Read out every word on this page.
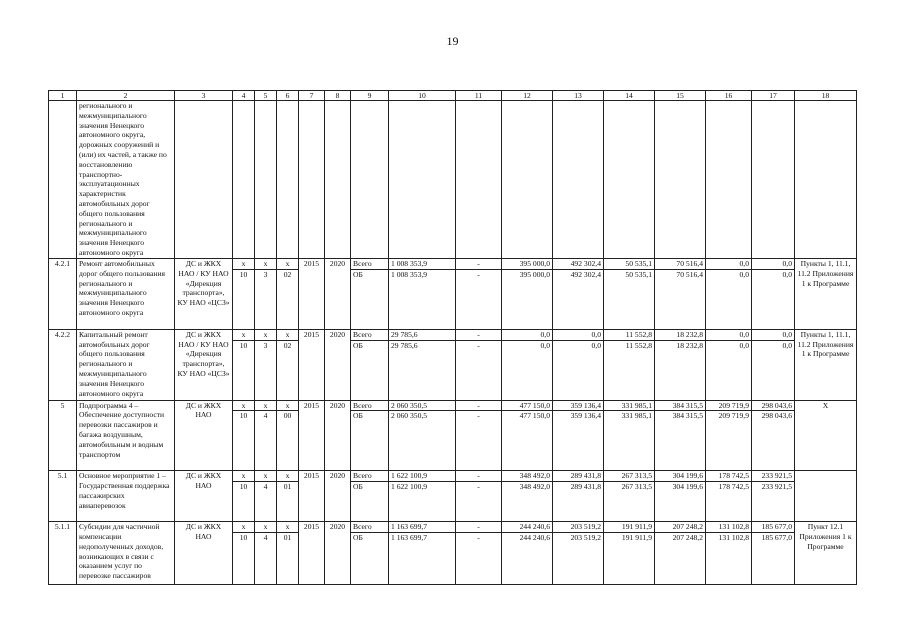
19
1	2	3	4	5	6	7	8	9	10	11	12	13	14	15	16	17	18
	регионального и межмуниципального значения Ненецкого автономного округа, дорожных сооружений и (или) их частей, а также по восстановлению транспортно-эксплуатационных характеристик автомобильных дорог общего пользования регионального и межмуниципального значения Ненецкого автономного округа																

4.2.1	Ремонт автомобильных дорог общего пользования регионального и межмуниципального значения Ненецкого автономного округа	ДС и ЖКХ НАО / КУ НАО «Дирекция транспорта», КУ НАО «ЦСЗ»	x	x	x	2015	2020	Всего	1 008 353,9	-	395 000,0	492 302,4	50 535,1	70 516,4	0,0	0,0	Пункты 1, 11.1, 11.2 Приложения 1 к Программе
			10	3	02			ОБ	1 008 353,9	-	395 000,0	492 302,4	50 535,1	70 516,4	0,0	0,0	
4.2.2	Капитальный ремонт автомобильных дорог общего пользования регионального и межмуниципального значения Ненецкого автономного округа	ДС и ЖКХ НАО / КУ НАО «Дирекция транспорта», КУ НАО «ЦСЗ»	x	x	x	2015	2020	Всего	29 785,6	-	0,0	0,0	11 552,8	18 232,8	0,0	0,0	Пункты 1, 11.1, 11.2 Приложения 1 к Программе
			10	3	02			ОБ	29 785,6	-	0,0	0,0	11 552,8	18 232,8	0,0	0,0	
5	Подпрограмма 4 – Обеспечение доступности перевозки пассажиров и багажа воздушным, автомобильным и водным транспортом	ДС и ЖКХ НАО	x	x	x	2015	2020	Всего	2 060 350,5	-	477 150,0	359 136,4	331 985,1	384 315,5	209 719,9	298 043,6	Х
			10	4	00			ОБ	2 060 350,5	-	477 150,0	359 136,4	331 985,1	384 315,5	209 719,9	298 043,6	
5.1	Основное мероприятие 1 – Государственная поддержка пассажирских авиаперевозок	ДС и ЖКХ НАО	x	x	x	2015	2020	Всего	1 622 100,9	-	348 492,0	289 431,8	267 313,5	304 199,6	178 742,5	233 921,5	
			10	4	01			ОБ	1 622 100,9	-	348 492,0	289 431,8	267 313,5	304 199,6	178 742,5	233 921,5	
5.1.1	Субсидии для частичной компенсации недополученных доходов, возникающих в связи с оказанием услуг по перевозке пассажиров	ДС и ЖКХ НАО	x	x	x	2015	2020	Всего	1 163 699,7	-	244 240,6	203 519,2	191 911,9	207 248,2	131 102,8	185 677,0	Пункт 12.1 Приложения 1 к Программе
			10	4	01			ОБ	1 163 699,7	-	244 240,6	203 519,2	191 911,9	207 248,2	131 102,8	185 677,0	
